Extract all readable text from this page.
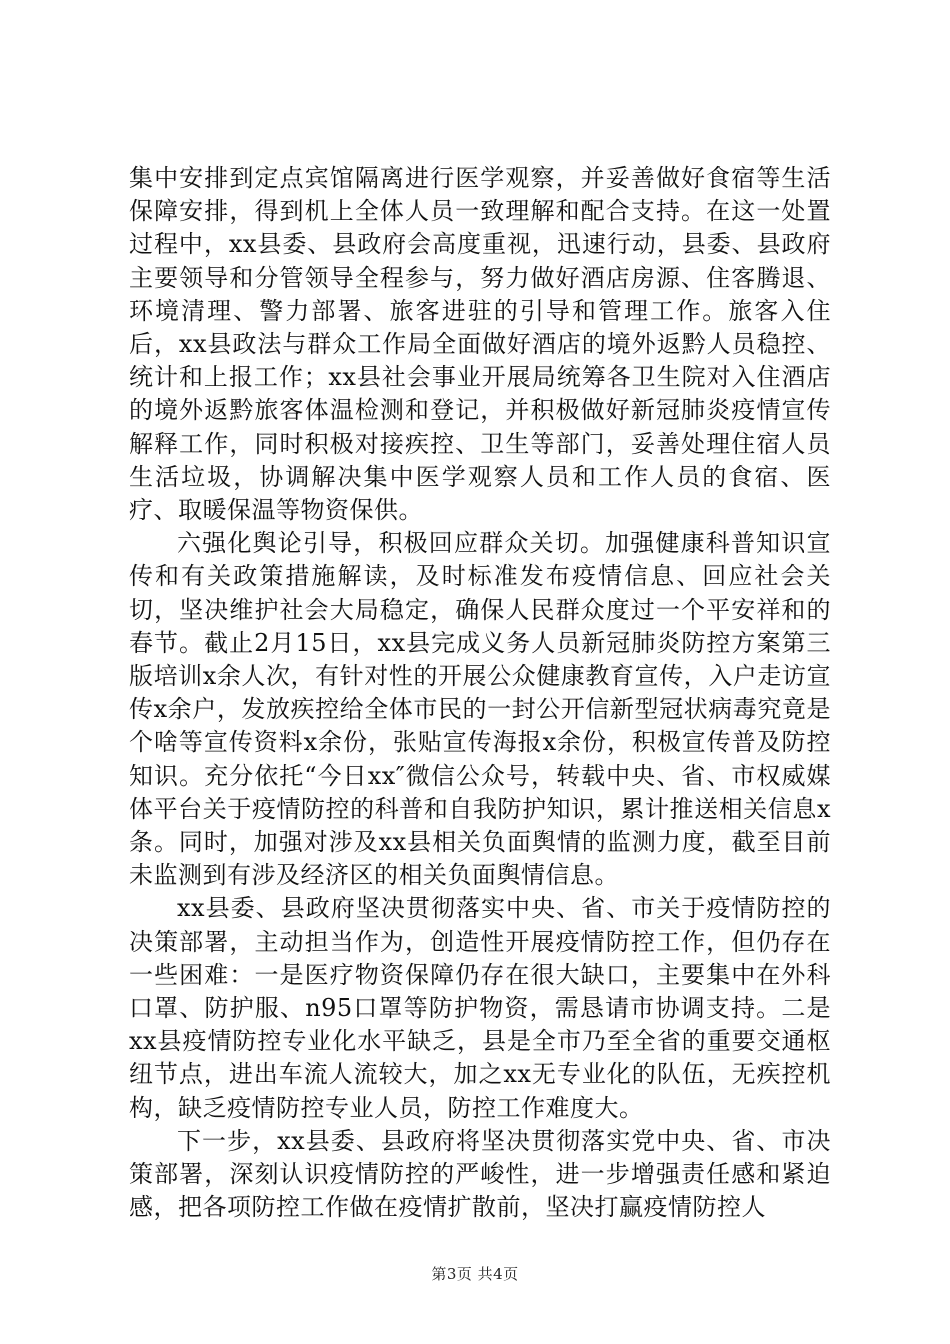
集中安排到定点宾馆隔离进行医学观察，并妥善做好食宿等生活保障安排，得到机上全体人员一致理解和配合支持。在这一处置过程中，xx县委、县政府会高度重视，迅速行动，县委、县政府主要领导和分管领导全程参与，努力做好酒店房源、住客腾退、环境清理、警力部署、旅客进驻的引导和管理工作。旅客入住后，xx县政法与群众工作局全面做好酒店的境外返黔人员稳控、统计和上报工作；xx县社会事业开展局统筹各卫生院对入住酒店的境外返黔旅客体温检测和登记，并积极做好新冠肺炎疫情宣传解释工作，同时积极对接疾控、卫生等部门，妥善处理住宿人员生活垃圾，协调解决集中医学观察人员和工作人员的食宿、医疗、取暖保温等物资保供。

六强化舆论引导，积极回应群众关切。加强健康科普知识宣传和有关政策措施解读，及时标准发布疫情信息、回应社会关切，坚决维护社会大局稳定，确保人民群众度过一个平安祥和的春节。截止2月15日，xx县完成义务人员新冠肺炎防控方案第三版培训x余人次，有针对性的开展公众健康教育宣传，入户走访宣传x余户，发放疾控给全体市民的一封公开信新型冠状病毒究竟是个啥等宣传资料x余份，张贴宣传海报x余份，积极宣传普及防控知识。充分依托“今日xx″微信公众号，转载中央、省、市权威媒体平台关于疫情防控的科普和自我防护知识，累计推送相关信息x条。同时，加强对涉及xx县相关负面舆情的监测力度，截至目前未监测到有涉及经济区的相关负面舆情信息。

xx县委、县政府坚决贯彻落实中央、省、市关于疫情防控的决策部署，主动担当作为，创造性开展疫情防控工作，但仍存在一些困难：一是医疗物资保障仍存在很大缺口，主要集中在外科口罩、防护服、n95口罩等防护物资，需恳请市协调支持。二是xx县疫情防控专业化水平缺乏，县是全市乃至全省的重要交通枢纽节点，进出车流人流较大，加之xx无专业化的队伍，无疾控机构，缺乏疫情防控专业人员，防控工作难度大。

下一步，xx县委、县政府将坚决贯彻落实党中央、省、市决策部署，深刻认识疫情防控的严峻性，进一步增强责任感和紧迫感，把各项防控工作做在疫情扩散前，坚决打赢疫情防控人

第3页 共4页
